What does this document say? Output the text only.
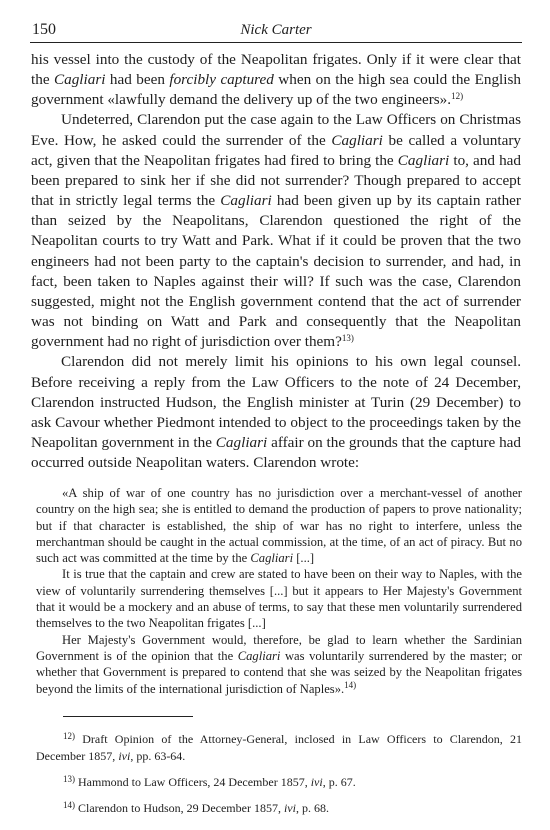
150	Nick Carter

his vessel into the custody of the Neapolitan frigates. Only if it were clear that the Cagliari had been forcibly captured when on the high sea could the English government «lawfully demand the delivery up of the two engineers».$^{12)}$

Undeterred, Clarendon put the case again to the Law Officers on Christmas Eve. How, he asked could the surrender of the Cagliari be called a voluntary act, given that the Neapolitan frigates had fired to bring the Cagliari to, and had been prepared to sink her if she did not surrender? Though prepared to accept that in strictly legal terms the Cagliari had been given up by its captain rather than seized by the Neapolitans, Clarendon questioned the right of the Neapolitan courts to try Watt and Park. What if it could be proven that the two engineers had not been party to the captain's decision to surrender, and had, in fact, been taken to Naples against their will? If such was the case, Clarendon suggested, might not the English government contend that the act of surrender was not binding on Watt and Park and consequently that the Neapolitan government had no right of jurisdiction over them?$^{13)}$

Clarendon did not merely limit his opinions to his own legal counsel. Before receiving a reply from the Law Officers to the note of 24 December, Clarendon instructed Hudson, the English minister at Turin (29 December) to ask Cavour whether Piedmont intended to object to the proceedings taken by the Neapolitan government in the Cagliari affair on the grounds that the capture had occurred outside Neapolitan waters. Clarendon wrote:

«A ship of war of one country has no jurisdiction over a merchant-vessel of another country on the high sea; she is entitled to demand the production of papers to prove nationality; but if that character is established, the ship of war has no right to interfere, unless the merchantman should be caught in the actual commission, at the time, of an act of piracy. But no such act was committed at the time by the Cagliari [...]

It is true that the captain and crew are stated to have been on their way to Naples, with the view of voluntarily surrendering themselves [...] but it appears to Her Majesty's Government that it would be a mockery and an abuse of terms, to say that these men voluntarily surrendered themselves to the two Neapolitan frigates [...]

Her Majesty's Government would, therefore, be glad to learn whether the Sardinian Government is of the opinion that the Cagliari was voluntarily surrendered by the master; or whether that Government is prepared to contend that she was seized by the Neapolitan frigates beyond the limits of the international jurisdiction of Naples».$^{14)}$

$^{12)}$ Draft Opinion of the Attorney-General, inclosed in Law Officers to Clarendon, 21 December 1857, ivi, pp. 63-64.

$^{13)}$ Hammond to Law Officers, 24 December 1857, ivi, p. 67.

$^{14)}$ Clarendon to Hudson, 29 December 1857, ivi, p. 68.
